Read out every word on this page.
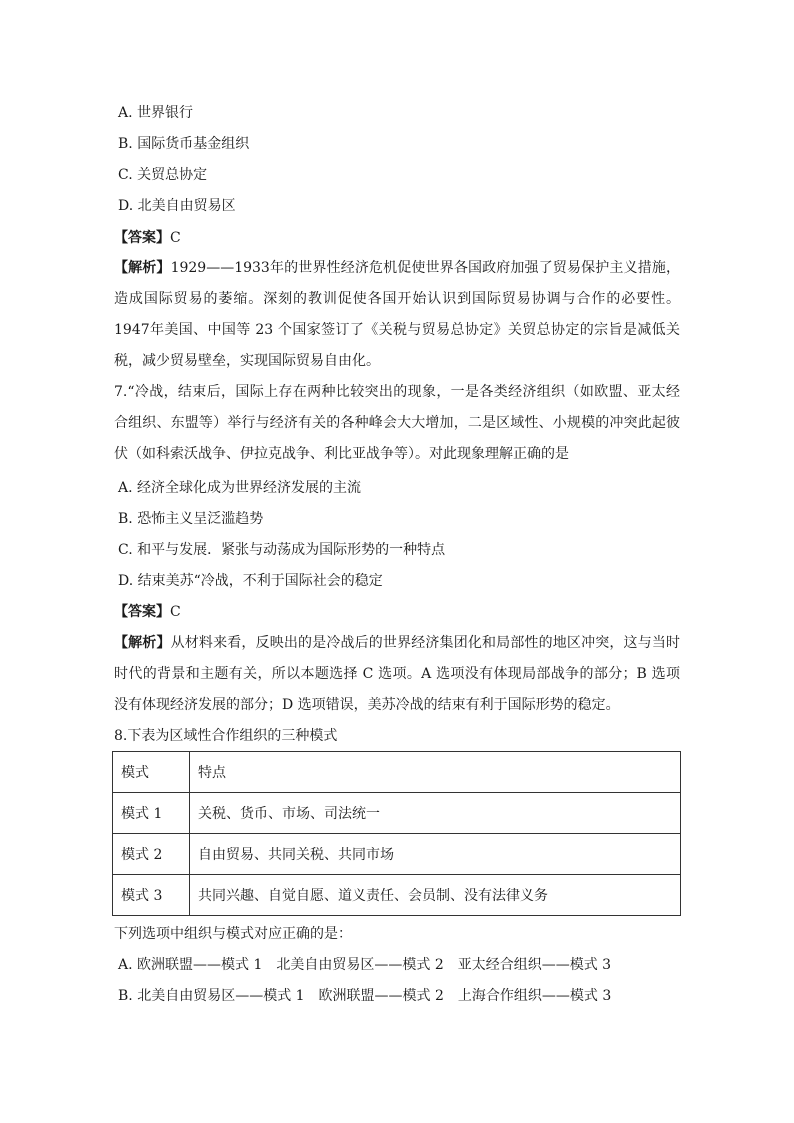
A. 世界银行
B. 国际货币基金组织
C. 关贸总协定
D. 北美自由贸易区
【答案】C
【解析】1929——1933年的世界性经济危机促使世界各国政府加强了贸易保护主义措施，造成国际贸易的萎缩。深刻的教训促使各国开始认识到国际贸易协调与合作的必要性。1947年美国、中国等 23 个国家签订了《关税与贸易总协定》关贸总协定的宗旨是减低关税，减少贸易壁垒，实现国际贸易自由化。
7.“冷战，结束后，国际上存在两种比较突出的现象，一是各类经济组织（如欧盟、亚太经合组织、东盟等）举行与经济有关的各种峰会大大增加，二是区域性、小规模的冲突此起彼伏（如科索沃战争、伊拉克战争、利比亚战争等）。对此现象理解正确的是
A. 经济全球化成为世界经济发展的主流
B. 恐怖主义呈泛滥趋势
C. 和平与发展．紧张与动荡成为国际形势的一种特点
D. 结束美苏“冷战，不利于国际社会的稳定
【答案】C
【解析】从材料来看，反映出的是冷战后的世界经济集团化和局部性的地区冲突，这与当时时代的背景和主题有关，所以本题选择 C 选项。A 选项没有体现局部战争的部分；B 选项没有体现经济发展的部分；D 选项错误，美苏冷战的结束有利于国际形势的稳定。
8.下表为区域性合作组织的三种模式
模式	特点
模式 1	关税、货币、市场、司法统一
模式 2	自由贸易、共同关税、共同市场
模式 3	共同兴趣、自觉自愿、道义责任、会员制、没有法律义务
下列选项中组织与模式对应正确的是：
A. 欧洲联盟——模式 1　北美自由贸易区——模式 2　亚太经合组织——模式 3
B. 北美自由贸易区——模式 1　欧洲联盟——模式 2　上海合作组织——模式 3
